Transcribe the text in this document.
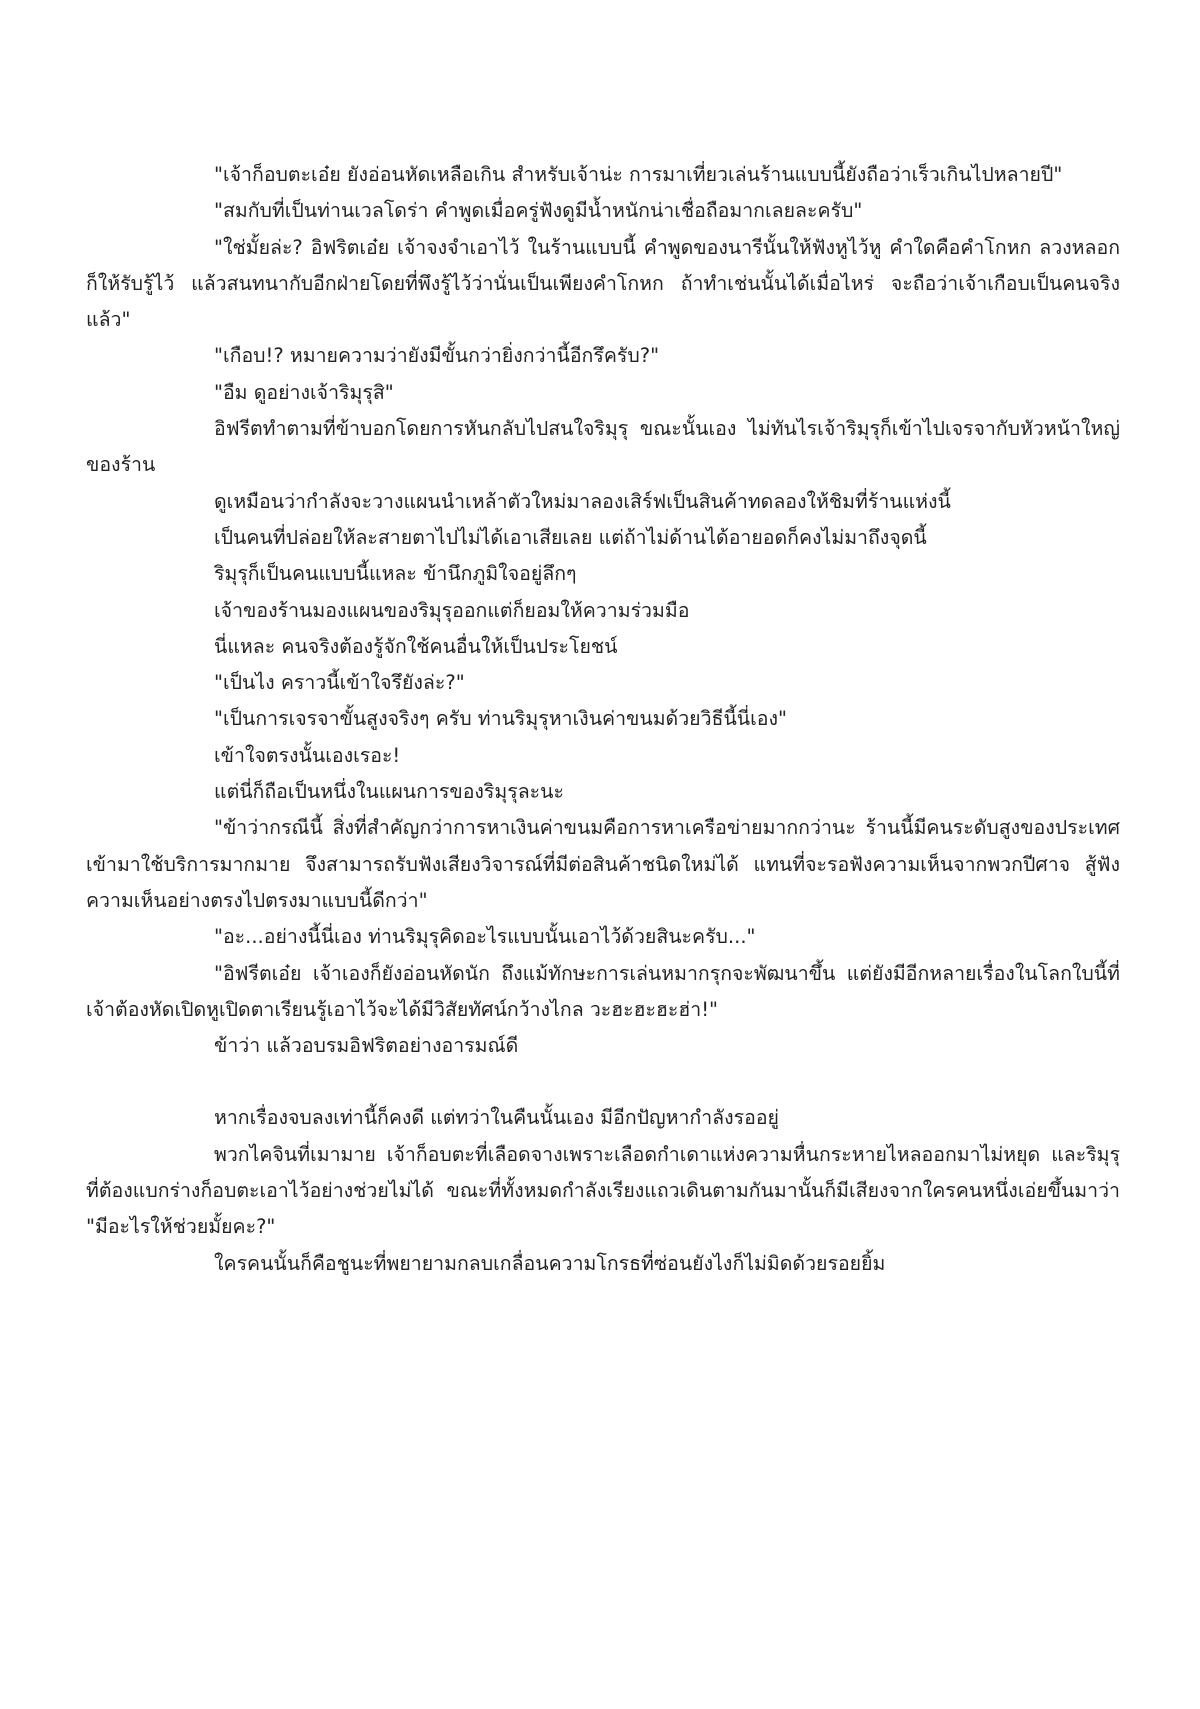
"เจ้าก็อบตะเอ๋ย ยังอ่อนหัดเหลือเกิน สำหรับเจ้าน่ะ การมาเที่ยวเล่นร้านแบบนี้ยังถือว่าเร็วเกินไปหลายปี"

"สมกับที่เป็นท่านเวลโดร่า คำพูดเมื่อครู่ฟังดูมีน้ำหนักน่าเชื่อถือมากเลยละครับ"

"ใช่มั้ยล่ะ? อิฟริตเอ๋ย เจ้าจงจำเอาไว้ ในร้านแบบนี้ คำพูดของนารีนั้นให้ฟังหูไว้หู คำใดคือคำโกหก ลวงหลอกก็ให้รับรู้ไว้ แล้วสนทนากับอีกฝ่ายโดยที่พึงรู้ไว้ว่านั่นเป็นเพียงคำโกหก ถ้าทำเช่นนั้นได้เมื่อไหร่ จะถือว่าเจ้าเกือบเป็นคนจริงแล้ว"

"เกือบ!? หมายความว่ายังมีขั้นกว่ายิ่งกว่านี้อีกรึครับ?"

"อืม ดูอย่างเจ้าริมุรุสิ"

อิฟรีตทำตามที่ข้าบอกโดยการหันกลับไปสนใจริมุรุ ขณะนั้นเอง ไม่ทันไรเจ้าริมุรุก็เข้าไปเจรจากับหัวหน้าใหญ่ของร้าน

ดูเหมือนว่ากำลังจะวางแผนนำเหล้าตัวใหม่มาลองเสิร์ฟเป็นสินค้าทดลองให้ชิมที่ร้านแห่งนี้

เป็นคนที่ปล่อยให้ละสายตาไปไม่ได้เอาเสียเลย แต่ถ้าไม่ด้านได้อายอดก็คงไม่มาถึงจุดนี้

ริมุรุก็เป็นคนแบบนี้แหละ ข้านึกภูมิใจอยู่ลึกๆ

เจ้าของร้านมองแผนของริมุรุออกแต่ก็ยอมให้ความร่วมมือ

นี่แหละ คนจริงต้องรู้จักใช้คนอื่นให้เป็นประโยชน์

"เป็นไง คราวนี้เข้าใจรึยังล่ะ?"

"เป็นการเจรจาขั้นสูงจริงๆ ครับ ท่านริมุรุหาเงินค่าขนมด้วยวิธีนี้นี่เอง"

เข้าใจตรงนั้นเองเรอะ!

แต่นี่ก็ถือเป็นหนึ่งในแผนการของริมุรุละนะ

"ข้าว่ากรณีนี้ สิ่งที่สำคัญกว่าการหาเงินค่าขนมคือการหาเครือข่ายมากกว่านะ ร้านนี้มีคนระดับสูงของประเทศเข้ามาใช้บริการมากมาย จึงสามารถรับฟังเสียงวิจารณ์ที่มีต่อสินค้าชนิดใหม่ได้ แทนที่จะรอฟังความเห็นจากพวกปีศาจ สู้ฟังความเห็นอย่างตรงไปตรงมาแบบนี้ดีกว่า"

"อะ...อย่างนี้นี่เอง ท่านริมุรุคิดอะไรแบบนั้นเอาไว้ด้วยสินะครับ..."

"อิฟรีตเอ๋ย เจ้าเองก็ยังอ่อนหัดนัก ถึงแม้ทักษะการเล่นหมากรุกจะพัฒนาขึ้น แต่ยังมีอีกหลายเรื่องในโลกใบนี้ที่เจ้าต้องหัดเปิดหูเปิดตาเรียนรู้เอาไว้จะได้มีวิสัยทัศน์กว้างไกล วะฮะฮะฮะฮ่า!"

ข้าว่า แล้วอบรมอิฟริตอย่างอารมณ์ดี

หากเรื่องจบลงเท่านี้ก็คงดี แต่ทว่าในคืนนั้นเอง มีอีกปัญหากำลังรออยู่

พวกไคจินที่เมามาย เจ้าก็อบตะที่เลือดจางเพราะเลือดกำเดาแห่งความหื่นกระหายไหลออกมาไม่หยุด และริมุรุที่ต้องแบกร่างก็อบตะเอาไว้อย่างช่วยไม่ได้ ขณะที่ทั้งหมดกำลังเรียงแถวเดินตามกันมานั้นก็มีเสียงจากใครคนหนึ่งเอ่ยขึ้นมาว่า "มีอะไรให้ช่วยมั้ยคะ?"

ใครคนนั้นก็คือชูนะที่พยายามกลบเกลื่อนความโกรธที่ซ่อนยังไงก็ไม่มิดด้วยรอยยิ้ม
